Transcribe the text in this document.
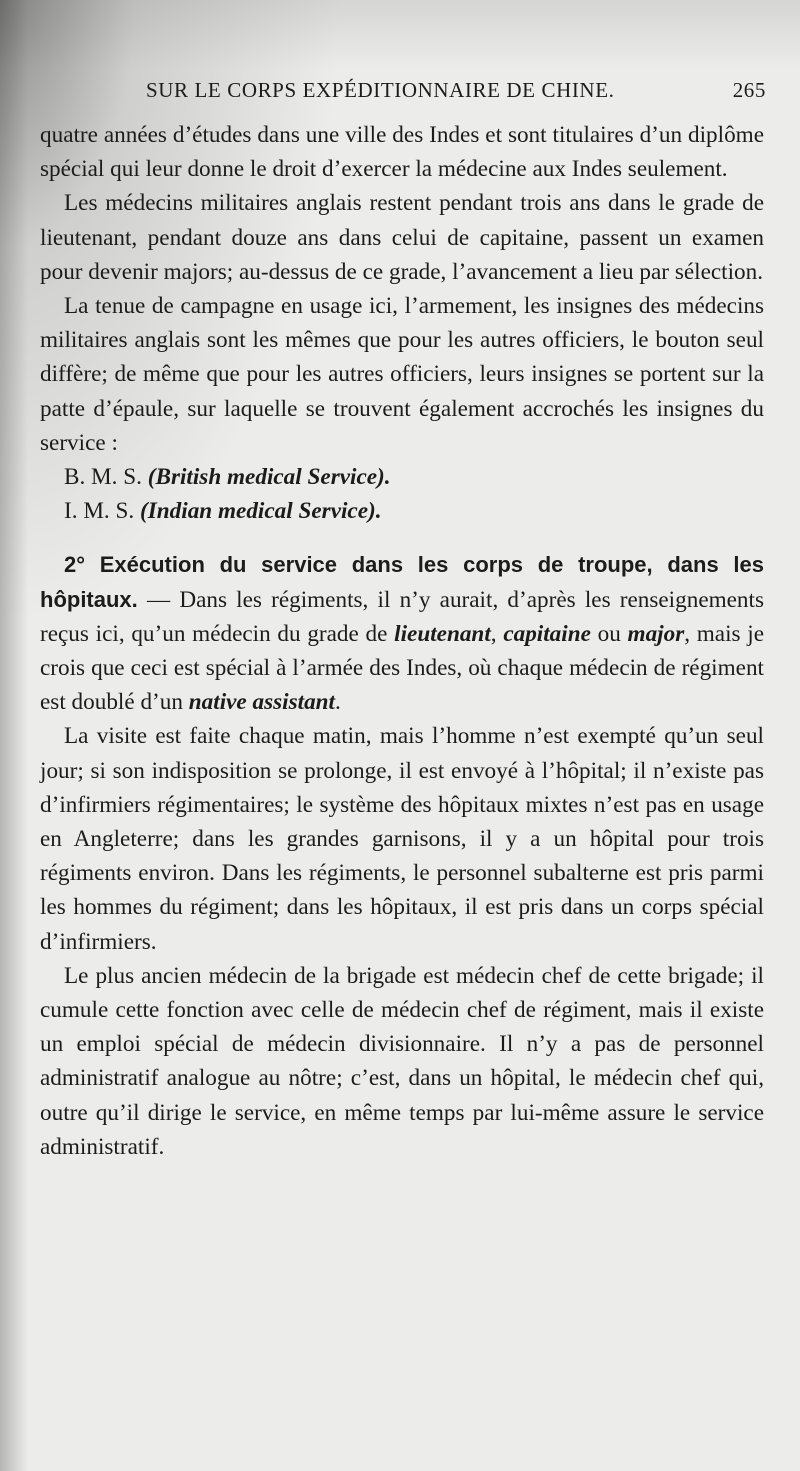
SUR LE CORPS EXPÉDITIONNAIRE DE CHINE.	265

quatre années d’études dans une ville des Indes et sont titulaires d’un diplôme spécial qui leur donne le droit d’exercer la médecine aux Indes seulement.

Les médecins militaires anglais restent pendant trois ans dans le grade de lieutenant, pendant douze ans dans celui de capitaine, passent un examen pour devenir majors; au-dessus de ce grade, l’avancement a lieu par sélection.

La tenue de campagne en usage ici, l’armement, les insignes des médecins militaires anglais sont les mêmes que pour les autres officiers, le bouton seul diffère; de même que pour les autres officiers, leurs insignes se portent sur la patte d’épaule, sur laquelle se trouvent également accrochés les insignes du service :

B. M. S. (British medical Service).
I. M. S. (Indian medical Service).

2° Exécution du service dans les corps de troupe, dans les hôpitaux. — Dans les régiments, il n’y aurait, d’après les renseignements reçus ici, qu’un médecin du grade de lieutenant, capitaine ou major, mais je crois que ceci est spécial à l’armée des Indes, où chaque médecin de régiment est doublé d’un native assistant.

La visite est faite chaque matin, mais l’homme n’est exempté qu’un seul jour; si son indisposition se prolonge, il est envoyé à l’hôpital; il n’existe pas d’infirmiers régimentaires; le système des hôpitaux mixtes n’est pas en usage en Angleterre; dans les grandes garnisons, il y a un hôpital pour trois régiments environ. Dans les régiments, le personnel subalterne est pris parmi les hommes du régiment; dans les hôpitaux, il est pris dans un corps spécial d’infirmiers.

Le plus ancien médecin de la brigade est médecin chef de cette brigade; il cumule cette fonction avec celle de médecin chef de régiment, mais il existe un emploi spécial de médecin divisionnaire. Il n’y a pas de personnel administratif analogue au nôtre; c’est, dans un hôpital, le médecin chef qui, outre qu’il dirige le service, en même temps par lui-même assure le service administratif.
